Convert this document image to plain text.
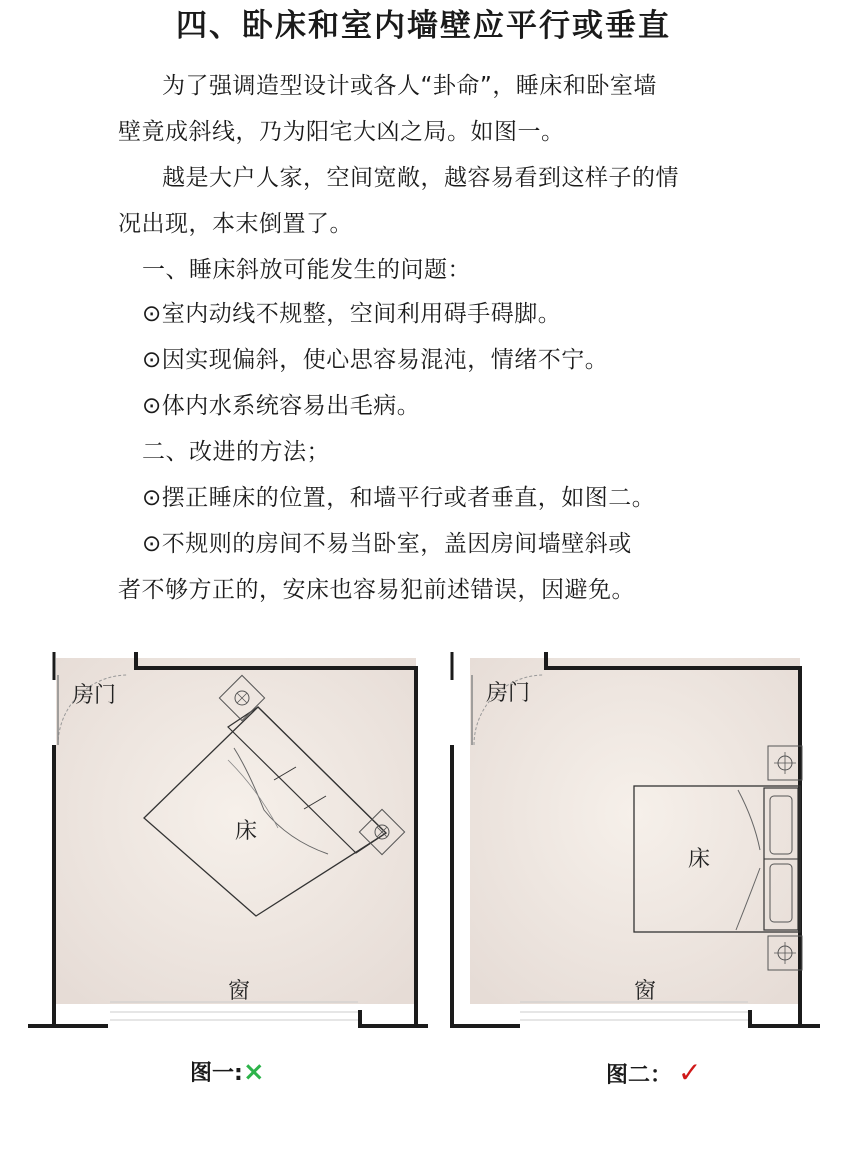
四、卧床和室内墙壁应平行或垂直
为了强调造型设计或各人“卦命”，睡床和卧室墙
壁竟成斜线，乃为阳宅大凶之局。如图一。
越是大户人家，空间宽敞，越容易看到这样子的情
况出现，本末倒置了。
一、睡床斜放可能发生的问题：
⊙室内动线不规整，空间利用碍手碍脚。
⊙因实现偏斜，使心思容易混沌，情绪不宁。
⊙体内水系统容易出毛病。
二、改进的方法；
⊙摆正睡床的位置，和墙平行或者垂直，如图二。
⊙不规则的房间不易当卧室，盖因房间墙壁斜或
者不够方正的，安床也容易犯前述错误，因避免。
房门
床
窗
房门
床
窗
图一:×	图二： ✓
